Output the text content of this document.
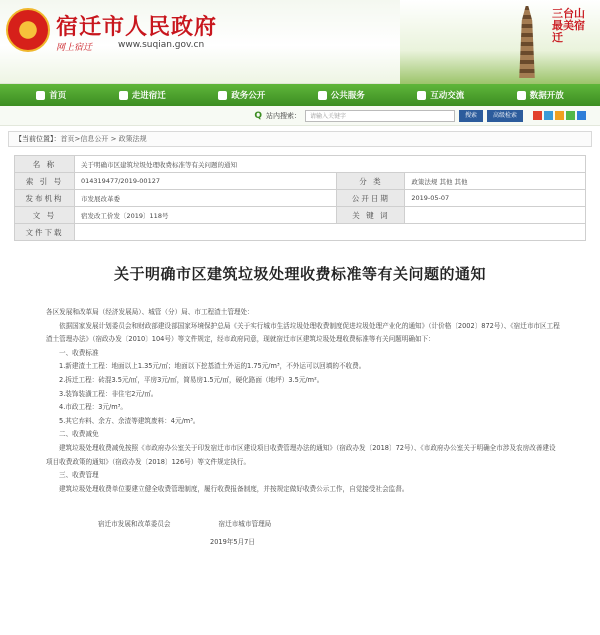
宿迁市人民政府
网上宿迁	www.suqian.gov.cn
三台山 最美宿迁
首页	走进宿迁	政务公开	公共服务	互动交流	数据开放
Q 站内搜索：	请输入关键字	搜索	高级检索
【当前位置】：首页>信息公开 > 政策法规
名 称	关于明确市区建筑垃圾处理收费标准等有关问题的通知		
索 引 号	014319477/2019-00127	分 类	政策法规 其他 其他
发布机构	市发展改革委	公开日期	2019-05-07
文 号	宿发改工价发〔2019〕118号	关 键 词	
文件下载			
关于明确市区建筑垃圾处理收费标准等有关问题的通知

各区发展和改革局（经济发展局）、城管（分）局、市工程渣土管理处：

依据国家发展计划委员会和财政部建设部国家环境保护总局《关于实行城市生活垃圾处理收费制度促进垃圾处理产业化的通知》（计价格〔2002〕872号）、《宿迁市市区工程渣土管理办法》（宿政办发〔2010〕104号）等文件规定，经市政府同意，现就宿迁市区建筑垃圾处理收费标准等有关问题明确如下：

一、收费标准

1.新建渣土工程：地面以上1.35元/㎡；地面以下挖基渣土外运的1.75元/m³，不外运可以回填的不收费。

2.拆迁工程：砖混3.5元/㎡，平房3元/㎡，简易房1.5元/㎡，硬化路面（地坪）3.5元/m²。

3.装饰装潢工程：非住宅2元/㎡。

4.市政工程：3元/m³。

5.其它弃料、余方、余渣等建筑废料：4元/m³。

二、收费减免

建筑垃圾处理收费减免按照《市政府办公室关于印发宿迁市市区建设项目收费管理办法的通知》（宿政办发〔2018〕72号）、《市政府办公室关于明确全市涉及农房改善建设项目收费政策的通知》（宿政办发〔2018〕126号）等文件规定执行。

三、收费管理

建筑垃圾处理收费单位要建立健全收费管理制度，履行收费报备制度，并按规定做好收费公示工作，自觉接受社会监督。

宿迁市发展和改革委员会	宿迁市城市管理局
2019年5月7日
